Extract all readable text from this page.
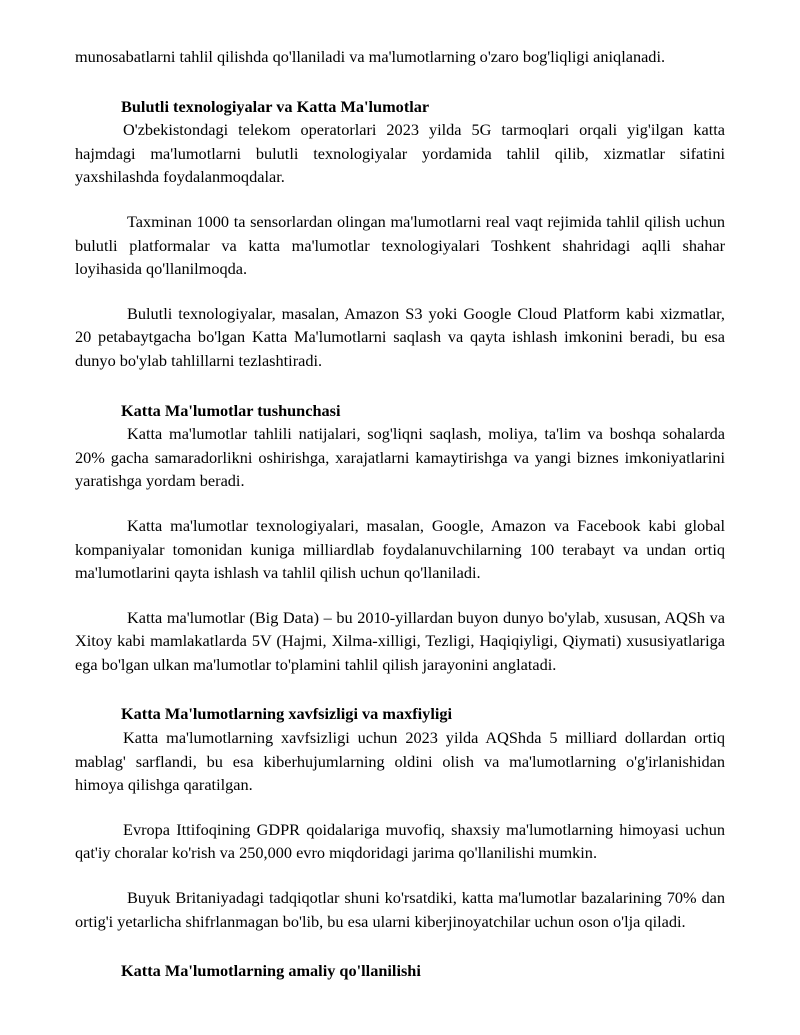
munosabatlarni tahlil qilishda qo'llaniladi va ma'lumotlarning o'zaro bog'liqligi aniqlanadi.

Bulutli texnologiyalar va Katta Ma'lumotlar

O'zbekistondagi telekom operatorlari 2023 yilda 5G tarmoqlari orqali yig'ilgan katta hajmdagi ma'lumotlarni bulutli texnologiyalar yordamida tahlil qilib, xizmatlar sifatini yaxshilashda foydalanmoqdalar.

Taxminan 1000 ta sensorlardan olingan ma'lumotlarni real vaqt rejimida tahlil qilish uchun bulutli platformalar va katta ma'lumotlar texnologiyalari Toshkent shahridagi aqlli shahar loyihasida qo'llanilmoqda.

Bulutli texnologiyalar, masalan, Amazon S3 yoki Google Cloud Platform kabi xizmatlar, 20 petabaytgacha bo'lgan Katta Ma'lumotlarni saqlash va qayta ishlash imkonini beradi, bu esa dunyo bo'ylab tahlillarni tezlashtiradi.

Katta Ma'lumotlar tushunchasi

Katta ma'lumotlar tahlili natijalari, sog'liqni saqlash, moliya, ta'lim va boshqa sohalarda 20% gacha samaradorlikni oshirishga, xarajatlarni kamaytirishga va yangi biznes imkoniyatlarini yaratishga yordam beradi.

Katta ma'lumotlar texnologiyalari, masalan, Google, Amazon va Facebook kabi global kompaniyalar tomonidan kuniga milliardlab foydalanuvchilarning 100 terabayt va undan ortiq ma'lumotlarini qayta ishlash va tahlil qilish uchun qo'llaniladi.

Katta ma'lumotlar (Big Data) – bu 2010-yillardan buyon dunyo bo'ylab, xususan, AQSh va Xitoy kabi mamlakatlarda 5V (Hajmi, Xilma-xilligi, Tezligi, Haqiqiyligi, Qiymati) xususiyatlariga ega bo'lgan ulkan ma'lumotlar to'plamini tahlil qilish jarayonini anglatadi.

Katta Ma'lumotlarning xavfsizligi va maxfiyligi

Katta ma'lumotlarning xavfsizligi uchun 2023 yilda AQShda 5 milliard dollardan ortiq mablag' sarflandi, bu esa kiberhujumlarning oldini olish va ma'lumotlarning o'g'irlanishidan himoya qilishga qaratilgan.

Evropa Ittifoqining GDPR qoidalariga muvofiq, shaxsiy ma'lumotlarning himoyasi uchun qat'iy choralar ko'rish va 250,000 evro miqdoridagi jarima qo'llanilishi mumkin.

Buyuk Britaniyadagi tadqiqotlar shuni ko'rsatdiki, katta ma'lumotlar bazalarining 70% dan ortig'i yetarlicha shifrlanmagan bo'lib, bu esa ularni kiberjinoyatchilar uchun oson o'lja qiladi.

Katta Ma'lumotlarning amaliy qo'llanilishi
